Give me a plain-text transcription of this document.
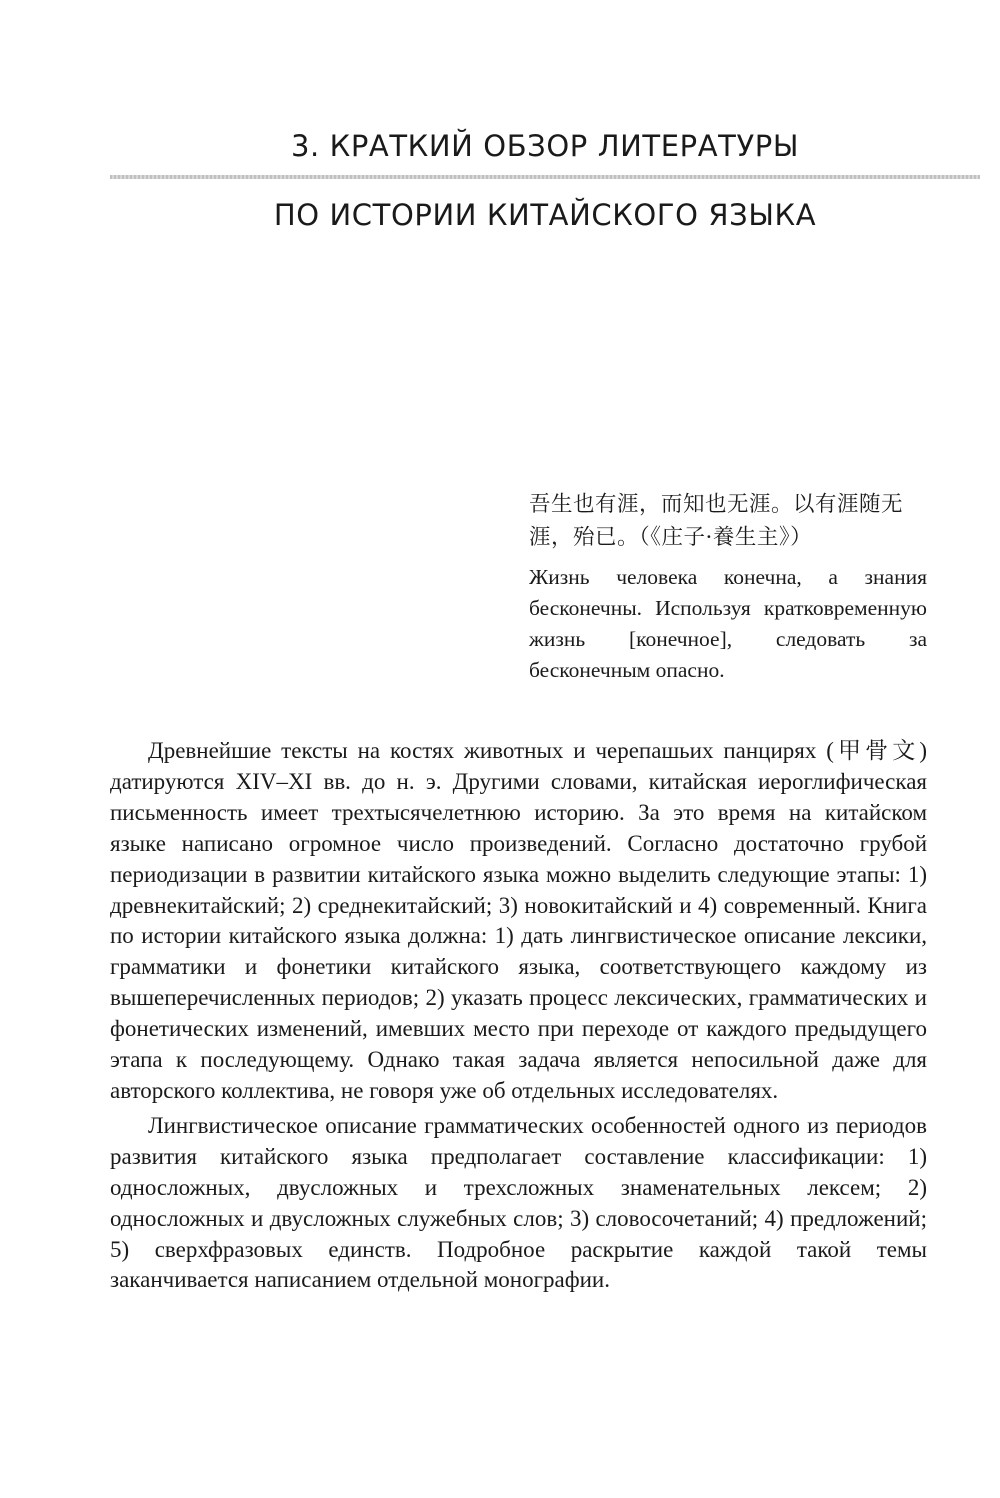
3. КРАТКИЙ ОБЗОР ЛИТЕРАТУРЫ
ПО ИСТОРИИ КИТАЙСКОГО ЯЗЫКА

吾生也有涯，而知也无涯。以有涯随无涯，殆已。（《庄子·養生主》）

Жизнь человека конечна, а знания бесконечны. Используя кратковременную жизнь [конечное], следовать за бесконечным опасно.

Древнейшие тексты на костях животных и черепашьих панцирях (甲骨文) датируются XIV–XI вв. до н. э. Другими словами, китайская иероглифическая письменность имеет трехтысячелетнюю историю. За это время на китайском языке написано огромное число произведений. Согласно достаточно грубой периодизации в развитии китайского языка можно выделить следующие этапы: 1) древнекитайский; 2) среднекитайский; 3) новокитайский и 4) современный. Книга по истории китайского языка должна: 1) дать лингвистическое описание лексики, грамматики и фонетики китайского языка, соответствующего каждому из вышеперечисленных периодов; 2) указать процесс лексических, грамматических и фонетических изменений, имевших место при переходе от каждого предыдущего этапа к последующему. Однако такая задача является непосильной даже для авторского коллектива, не говоря уже об отдельных исследователях.

Лингвистическое описание грамматических особенностей одного из периодов развития китайского языка предполагает составление классификации: 1) односложных, двусложных и трехсложных знаменательных лексем; 2) односложных и двусложных служебных слов; 3) словосочетаний; 4) предложений; 5) сверхфразовых единств. Подробное раскрытие каждой такой темы заканчивается написанием отдельной монографии.
